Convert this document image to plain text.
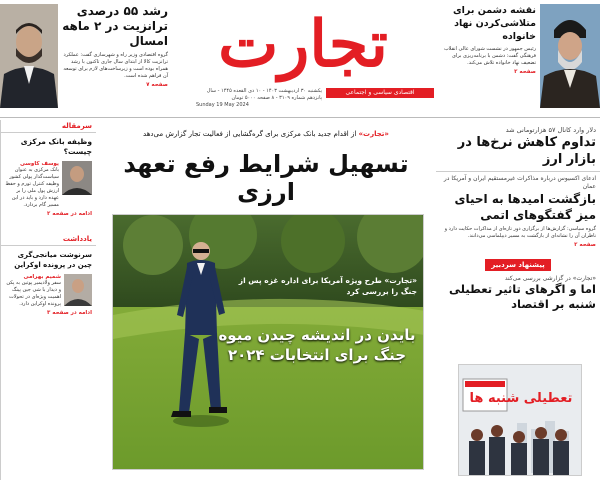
رشد ۵۵ درصدی ترانزیت در ۲ ماهه امسال

گروه اقتصادی وزیر راه و شهرسازی گفت: عملکرد ترانزیت کالا از ابتدای سال جاری تاکنون با رشد همراه بوده است و زیرساخت‌های لازم برای توسعه آن فراهم شده است.

صفحه ۷
تجارت
یکشنبه ۳۰ اردیبهشت ۱۴۰۳ - ۱۰ ذی القعده ۱۴۴۵ - سال پانزدهم شماره ۳۱۰۹ - ۸ صفحه ۵۰۰۰ تومان
Sunday 19 May 2024
اقتصادی سیاسی و اجتماعی
نقشه دشمن برای متلاشی‌کردن نهاد خانواده

رئیس جمهور در نشست شورای عالی انقلاب فرهنگی گفت: دشمن با برنامه‌ریزی برای تضعیف نهاد خانواده تلاش می‌کند.

صفحه ۲
سرمقاله
وظیفه بانک مرکزی چیست؟
یوسف کاوسی
بانک مرکزی به عنوان سیاست‌گذار پولی کشور وظیفه کنترل تورم و حفظ ارزش پول ملی را بر عهده دارد و باید در این مسیر گام بردارد.
ادامه در صفحه ۲
یادداشت
سرنوشت میانجی‌گری چین در پرونده اوکراین
شمیم بهرامی
سفر ولادیمیر پوتین به پکن و دیدار با شی جین پینگ اهمیت ویژه‌ای در تحولات پرونده اوکراین دارد.
ادامه در صفحه ۳
«تجارت» از اقدام جدید بانک مرکزی برای گره‌گشایی از فعالیت تجار گزارش می‌دهد
تسهیل شرایط رفع تعهد ارزی
«تجارت» طرح ویژه آمریکا برای اداره غزه پس از جنگ را بررسی کرد
بایدن در اندیشه چیدن میوه جنگ برای انتخابات ۲۰۲۴
دلار وارد کانال ۵۷ هزارتومانی شد
تداوم کاهش نرخ‌ها در بازار ارز
ادعای اکسیوس درباره مذاکرات غیرمستقیم ایران و آمریکا در عمان
بازگشت امیدها به احیای میز گفتگوهای اتمی
گروه سیاسی: گزارش‌ها از برگزاری دور تازه‌ای از مذاکرات حکایت دارد و ناظران آن را نشانه‌ای از بازگشت به مسیر دیپلماسی می‌دانند.
صفحه ۲
پیشنهاد سردبیر
«تجارت» در گزارشی بررسی می‌کند
اما و اگرهای تاثیر تعطیلی شنبه بر اقتصاد
تعطیلی شنبه ها
